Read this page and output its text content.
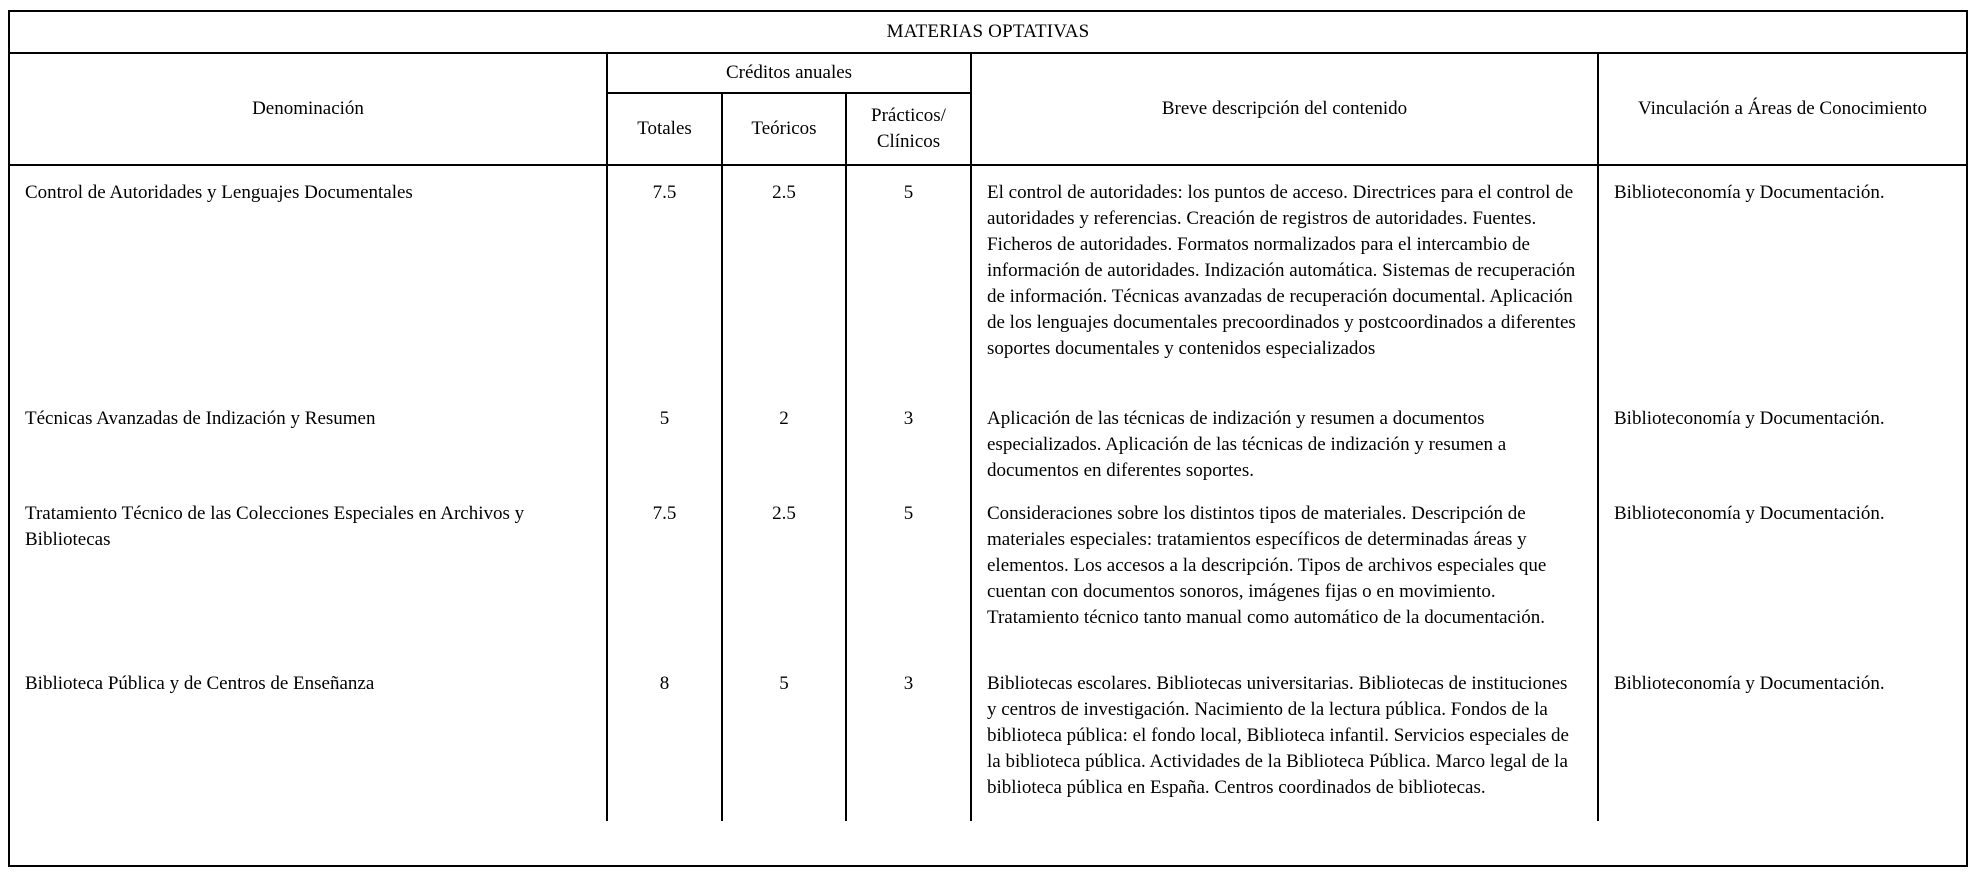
MATERIAS OPTATIVAS					
Denominación	Créditos anuales			Breve descripción del contenido	Vinculación a Áreas de Conocimiento
	Totales	Teóricos	Prácticos/
Clínicos		

Control de Autoridades y Lenguajes Documentales	7.5	2.5	5	El control de autoridades: los puntos de acceso. Directrices para el control de autoridades y referencias. Creación de registros de autoridades. Fuentes. Ficheros de autoridades. Formatos normalizados para el intercambio de información de autoridades. Indización automática. Sistemas de recuperación de información. Técnicas avanzadas de recuperación documental. Aplicación de los lenguajes documentales precoordinados y postcoordinados a diferentes soportes documentales y contenidos especializados	Biblioteconomía y Documentación.
Técnicas Avanzadas de Indización y Resumen	5	2	3	Aplicación de las técnicas de indización y resumen a documentos especializados. Aplicación de las técnicas de indización y resumen a documentos en diferentes soportes.	Biblioteconomía y Documentación.
Tratamiento Técnico de las Colecciones Especiales en Archivos y Bibliotecas	7.5	2.5	5	Consideraciones sobre los distintos tipos de materiales. Descripción de materiales especiales: tratamientos específicos de determinadas áreas y elementos. Los accesos a la descripción. Tipos de archivos especiales que cuentan con documentos sonoros, imágenes fijas o en movimiento. Tratamiento técnico tanto manual como automático de la documentación.	Biblioteconomía y Documentación.
Biblioteca Pública y de Centros de Enseñanza	8	5	3	Bibliotecas escolares. Bibliotecas universitarias. Bibliotecas de instituciones y centros de investigación. Nacimiento de la lectura pública. Fondos de la biblioteca pública: el fondo local, Biblioteca infantil. Servicios especiales de la biblioteca pública. Actividades de la Biblioteca Pública. Marco legal de la biblioteca pública en España. Centros coordinados de bibliotecas.	Biblioteconomía y Documentación.
